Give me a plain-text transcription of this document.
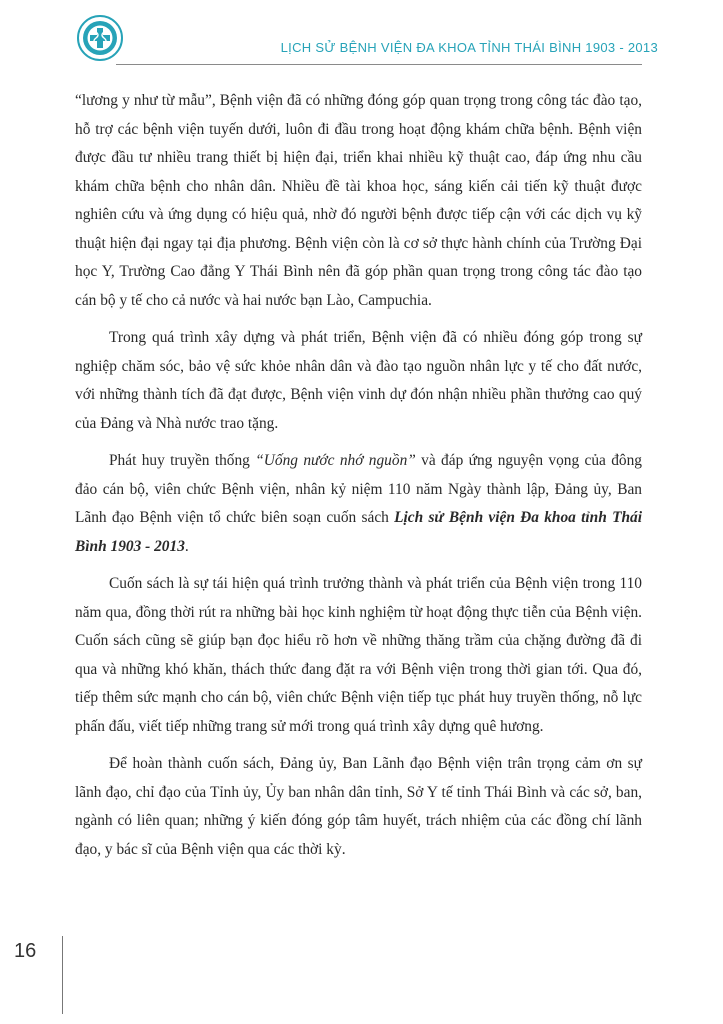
LỊCH SỬ BỆNH VIỆN ĐA KHOA TỈNH THÁI BÌNH 1903 - 2013

“lương y như từ mẫu”, Bệnh viện đã có những đóng góp quan trọng trong công tác đào tạo, hỗ trợ các bệnh viện tuyến dưới, luôn đi đầu trong hoạt động khám chữa bệnh. Bệnh viện được đầu tư nhiều trang thiết bị hiện đại, triển khai nhiều kỹ thuật cao, đáp ứng nhu cầu khám chữa bệnh cho nhân dân. Nhiều đề tài khoa học, sáng kiến cải tiến kỹ thuật được nghiên cứu và ứng dụng có hiệu quả, nhờ đó người bệnh được tiếp cận với các dịch vụ kỹ thuật hiện đại ngay tại địa phương. Bệnh viện còn là cơ sở thực hành chính của Trường Đại học Y, Trường Cao đẳng Y Thái Bình nên đã góp phần quan trọng trong công tác đào tạo cán bộ y tế cho cả nước và hai nước bạn Lào, Campuchia.

Trong quá trình xây dựng và phát triển, Bệnh viện đã có nhiều đóng góp trong sự nghiệp chăm sóc, bảo vệ sức khỏe nhân dân và đào tạo nguồn nhân lực y tế cho đất nước, với những thành tích đã đạt được, Bệnh viện vinh dự đón nhận nhiều phần thưởng cao quý của Đảng và Nhà nước trao tặng.

Phát huy truyền thống “Uống nước nhớ nguồn” và đáp ứng nguyện vọng của đông đảo cán bộ, viên chức Bệnh viện, nhân kỷ niệm 110 năm Ngày thành lập, Đảng ủy, Ban Lãnh đạo Bệnh viện tổ chức biên soạn cuốn sách Lịch sử Bệnh viện Đa khoa tỉnh Thái Bình 1903 - 2013.

Cuốn sách là sự tái hiện quá trình trưởng thành và phát triển của Bệnh viện trong 110 năm qua, đồng thời rút ra những bài học kinh nghiệm từ hoạt động thực tiễn của Bệnh viện. Cuốn sách cũng sẽ giúp bạn đọc hiểu rõ hơn về những thăng trầm của chặng đường đã đi qua và những khó khăn, thách thức đang đặt ra với Bệnh viện trong thời gian tới. Qua đó, tiếp thêm sức mạnh cho cán bộ, viên chức Bệnh viện tiếp tục phát huy truyền thống, nỗ lực phấn đấu, viết tiếp những trang sử mới trong quá trình xây dựng quê hương.

Để hoàn thành cuốn sách, Đảng ủy, Ban Lãnh đạo Bệnh viện trân trọng cảm ơn sự lãnh đạo, chỉ đạo của Tỉnh ủy, Ủy ban nhân dân tỉnh, Sở Y tế tỉnh Thái Bình và các sở, ban, ngành có liên quan; những ý kiến đóng góp tâm huyết, trách nhiệm của các đồng chí lãnh đạo, y bác sĩ của Bệnh viện qua các thời kỳ.

16
